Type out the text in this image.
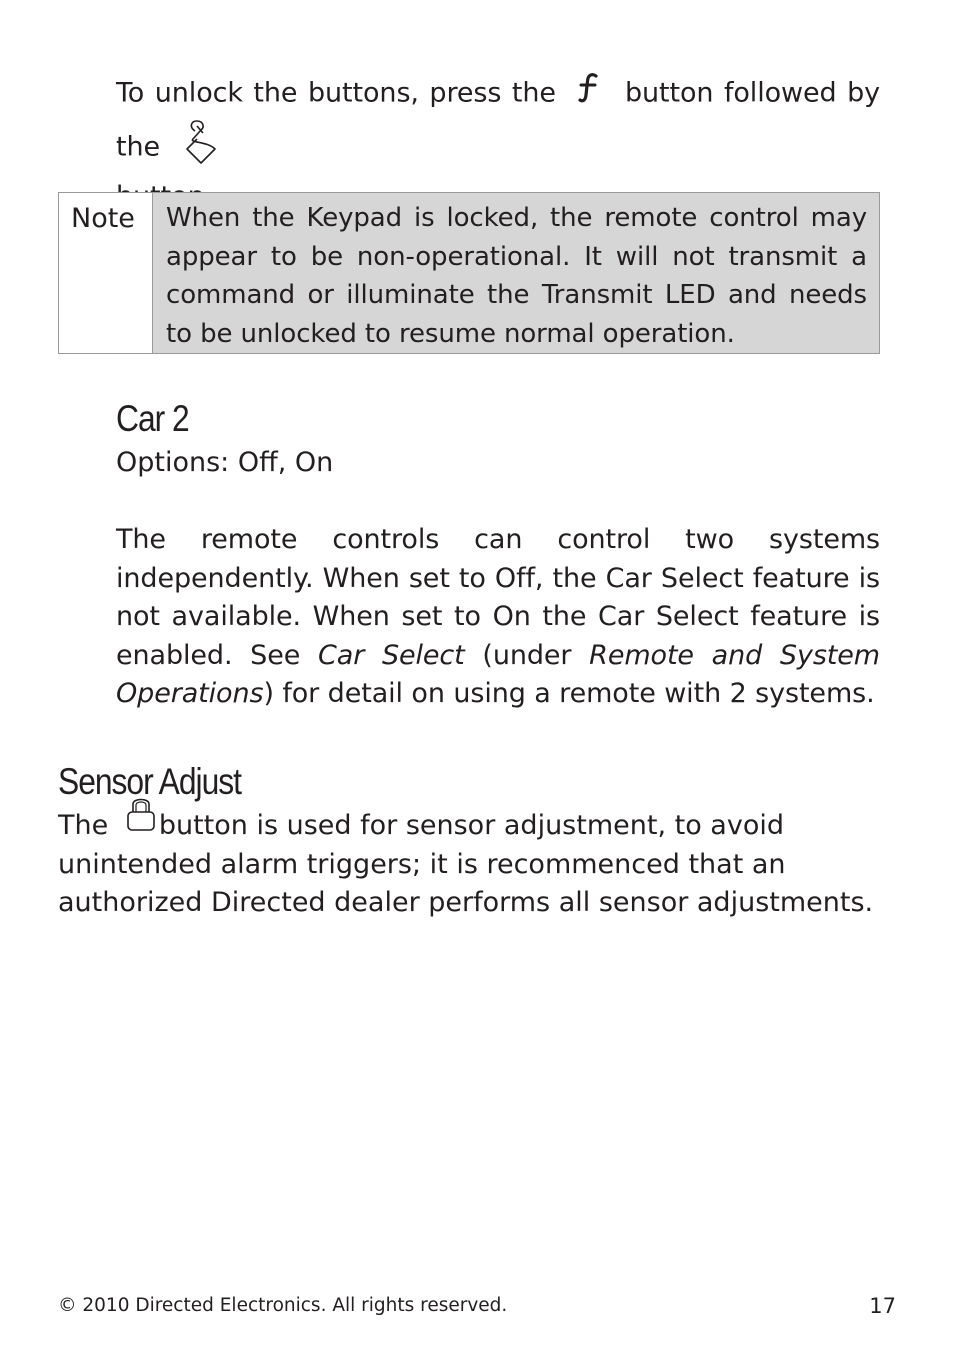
To unlock the buttons, press the	button followed by the

Note When the Keypad is locked, the remote control may appear to be non-operational. It will not transmit a command or illuminate the Transmit LED and needs to be unlocked to resume normal operation.
Car 2
Options: Off, On
The remote controls can control two systems independently. When set to Off, the Car Select feature is not available. When set to On the Car Select feature is enabled. See Car Select (under Remote and System Operations) for detail on using a remote with 2 systems.
Sensor Adjust
The button is used for sensor adjustment, to avoid unintended alarm triggers; it is recommenced that an authorized Directed dealer performs all sensor adjustments.
© 2010 Directed Electronics. All rights reserved.	17
